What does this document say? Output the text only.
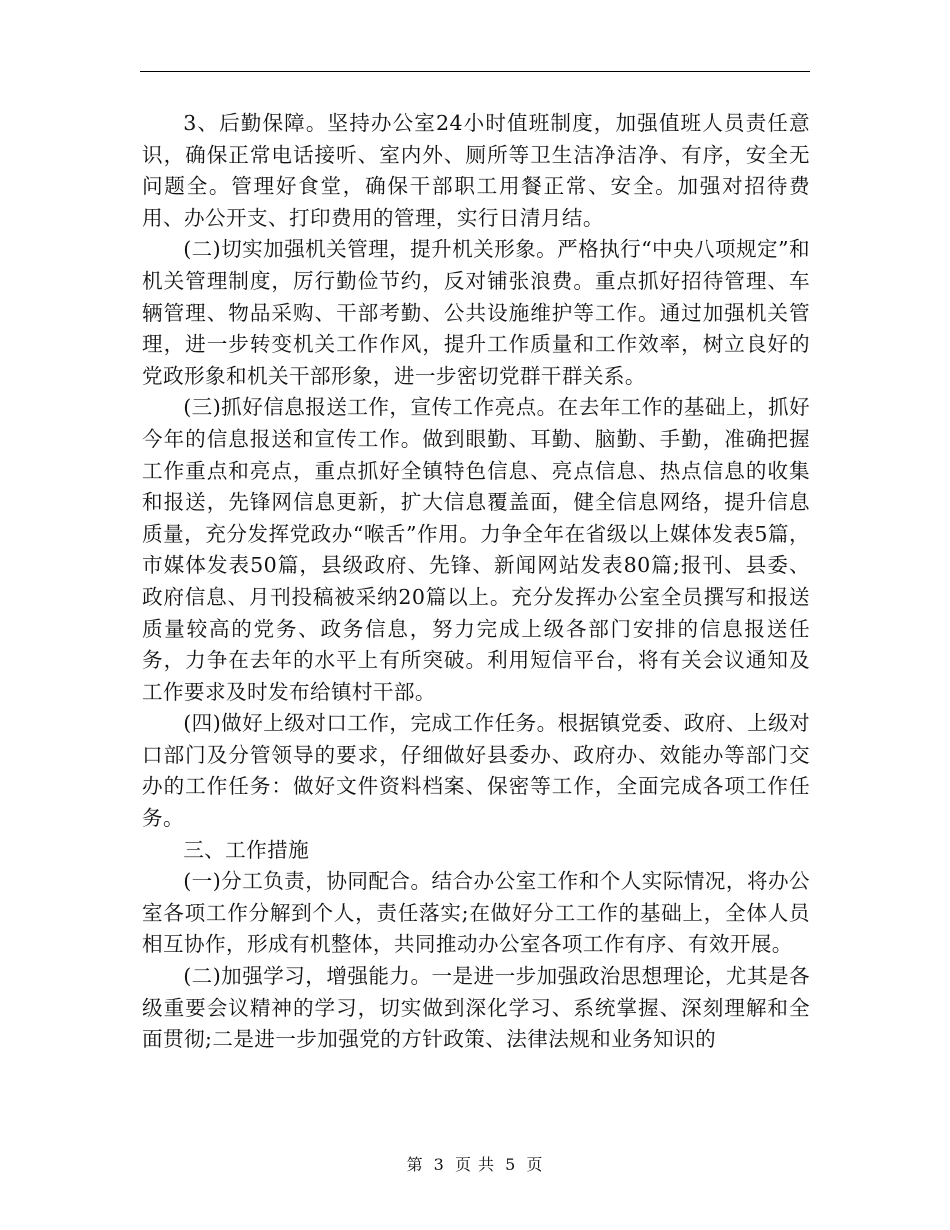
3、后勤保障。坚持办公室24小时值班制度，加强值班人员责任意识，确保正常电话接听、室内外、厕所等卫生洁净洁净、有序，安全无问题全。管理好食堂，确保干部职工用餐正常、安全。加强对招待费用、办公开支、打印费用的管理，实行日清月结。

(二)切实加强机关管理，提升机关形象。严格执行“中央八项规定”和机关管理制度，厉行勤俭节约，反对铺张浪费。重点抓好招待管理、车辆管理、物品采购、干部考勤、公共设施维护等工作。通过加强机关管理，进一步转变机关工作作风，提升工作质量和工作效率，树立良好的党政形象和机关干部形象，进一步密切党群干群关系。

(三)抓好信息报送工作，宣传工作亮点。在去年工作的基础上，抓好今年的信息报送和宣传工作。做到眼勤、耳勤、脑勤、手勤，准确把握工作重点和亮点，重点抓好全镇特色信息、亮点信息、热点信息的收集和报送，先锋网信息更新，扩大信息覆盖面，健全信息网络，提升信息质量，充分发挥党政办“喉舌”作用。力争全年在省级以上媒体发表5篇，市媒体发表50篇，县级政府、先锋、新闻网站发表80篇;报刊、县委、政府信息、月刊投稿被采纳20篇以上。充分发挥办公室全员撰写和报送质量较高的党务、政务信息，努力完成上级各部门安排的信息报送任务，力争在去年的水平上有所突破。利用短信平台，将有关会议通知及工作要求及时发布给镇村干部。

(四)做好上级对口工作，完成工作任务。根据镇党委、政府、上级对口部门及分管领导的要求，仔细做好县委办、政府办、效能办等部门交办的工作任务：做好文件资料档案、保密等工作，全面完成各项工作任务。

三、工作措施

(一)分工负责，协同配合。结合办公室工作和个人实际情况，将办公室各项工作分解到个人，责任落实;在做好分工工作的基础上，全体人员相互协作，形成有机整体，共同推动办公室各项工作有序、有效开展。

(二)加强学习，增强能力。一是进一步加强政治思想理论，尤其是各级重要会议精神的学习，切实做到深化学习、系统掌握、深刻理解和全面贯彻;二是进一步加强党的方针政策、法律法规和业务知识的

第 3 页 共 5 页
